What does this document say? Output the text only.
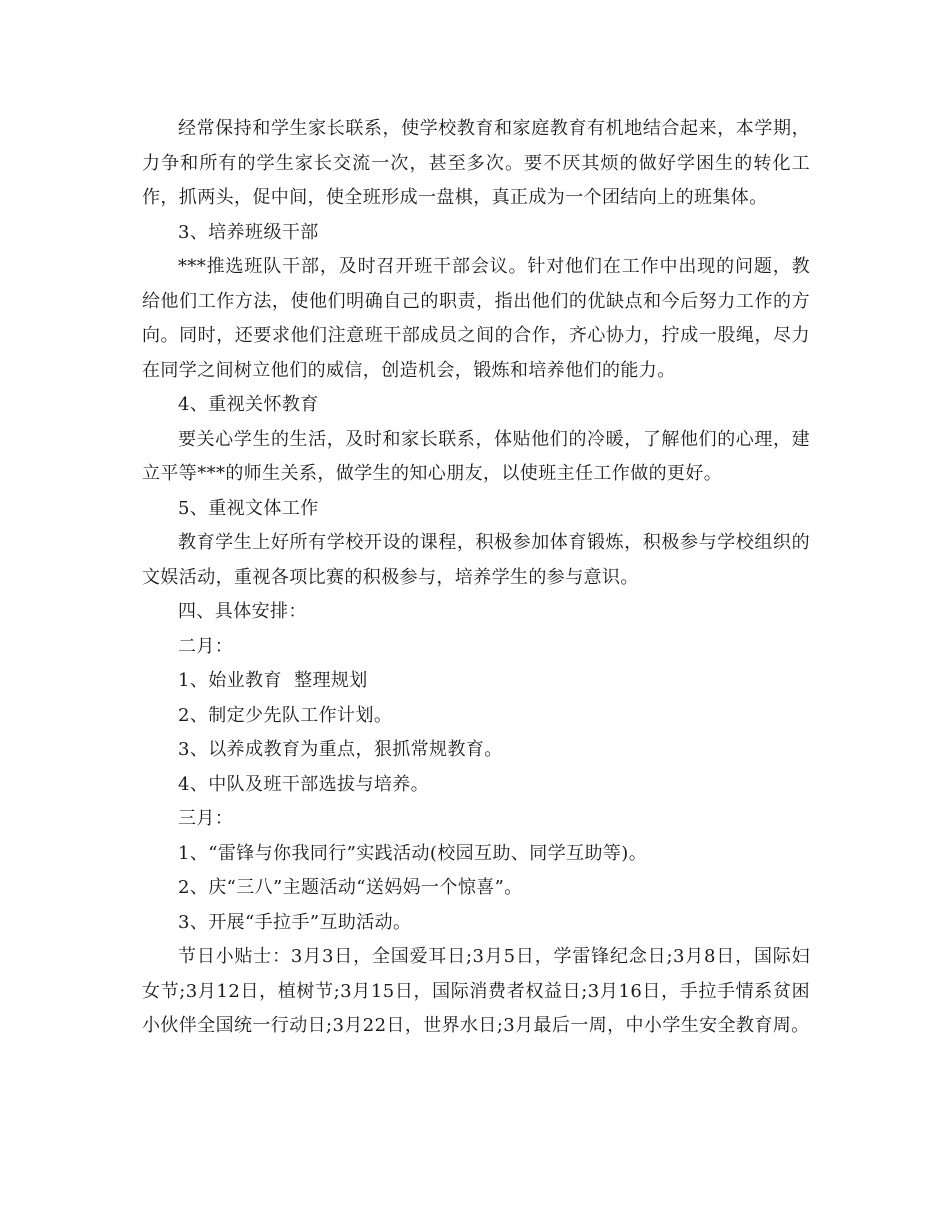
经常保持和学生家长联系，使学校教育和家庭教育有机地结合起来，本学期，力争和所有的学生家长交流一次，甚至多次。要不厌其烦的做好学困生的转化工作，抓两头，促中间，使全班形成一盘棋，真正成为一个团结向上的班集体。

3、培养班级干部

***推选班队干部，及时召开班干部会议。针对他们在工作中出现的问题，教给他们工作方法，使他们明确自己的职责，指出他们的优缺点和今后努力工作的方向。同时，还要求他们注意班干部成员之间的合作，齐心协力，拧成一股绳，尽力在同学之间树立他们的威信，创造机会，锻炼和培养他们的能力。

4、重视关怀教育

要关心学生的生活，及时和家长联系，体贴他们的冷暖，了解他们的心理，建立平等***的师生关系，做学生的知心朋友，以使班主任工作做的更好。

5、重视文体工作

教育学生上好所有学校开设的课程，积极参加体育锻炼，积极参与学校组织的文娱活动，重视各项比赛的积极参与，培养学生的参与意识。

四、具体安排：

二月：

1、始业教育  整理规划

2、制定少先队工作计划。

3、以养成教育为重点，狠抓常规教育。

4、中队及班干部选拔与培养。

三月：

1、“雷锋与你我同行”实践活动(校园互助、同学互助等)。

2、庆“三八”主题活动“送妈妈一个惊喜”。

3、开展“手拉手”互助活动。

节日小贴士：3月3日，全国爱耳日;3月5日，学雷锋纪念日;3月8日，国际妇女节;3月12日，植树节;3月15日，国际消费者权益日;3月16日，手拉手情系贫困小伙伴全国统一行动日;3月22日，世界水日;3月最后一周，中小学生安全教育周。
